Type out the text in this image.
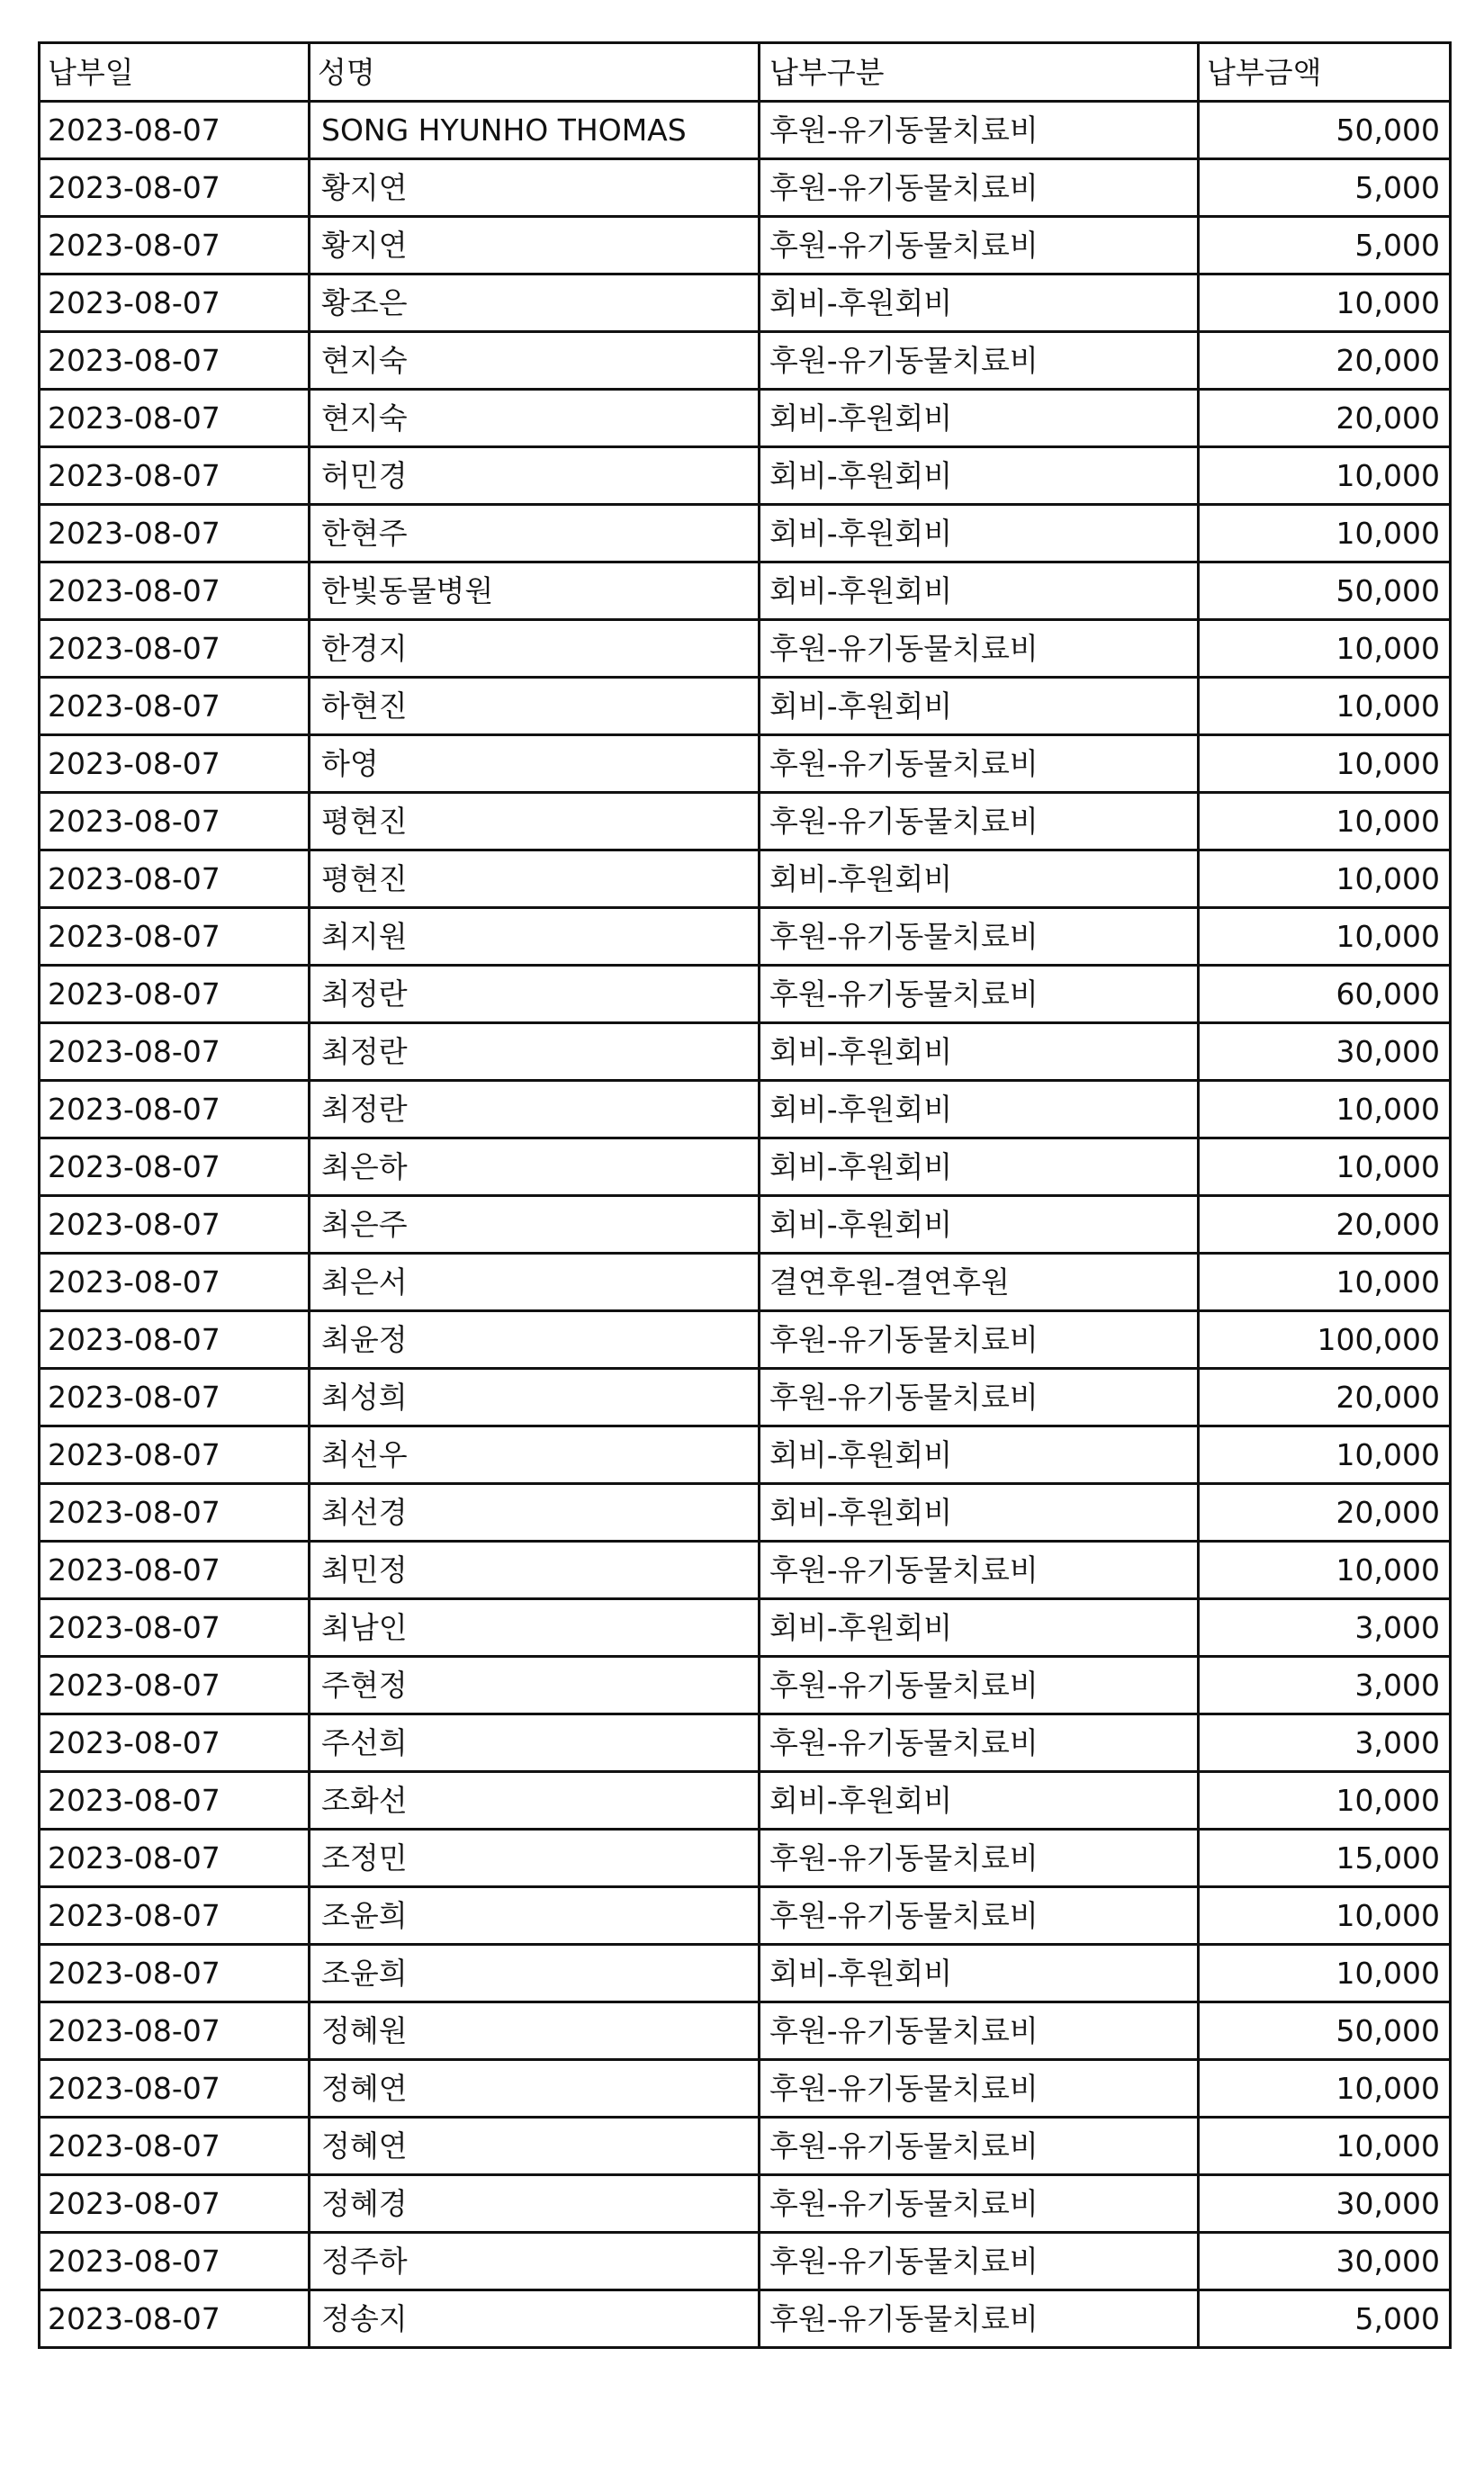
납부일	성명	납부구분	납부금액
2023-08-07	SONG HYUNHO THOMAS	후원-유기동물치료비	50,000
2023-08-07	황지연	후원-유기동물치료비	5,000
2023-08-07	황지연	후원-유기동물치료비	5,000
2023-08-07	황조은	회비-후원회비	10,000
2023-08-07	현지숙	후원-유기동물치료비	20,000
2023-08-07	현지숙	회비-후원회비	20,000
2023-08-07	허민경	회비-후원회비	10,000
2023-08-07	한현주	회비-후원회비	10,000
2023-08-07	한빛동물병원	회비-후원회비	50,000
2023-08-07	한경지	후원-유기동물치료비	10,000
2023-08-07	하현진	회비-후원회비	10,000
2023-08-07	하영	후원-유기동물치료비	10,000
2023-08-07	평현진	후원-유기동물치료비	10,000
2023-08-07	평현진	회비-후원회비	10,000
2023-08-07	최지원	후원-유기동물치료비	10,000
2023-08-07	최정란	후원-유기동물치료비	60,000
2023-08-07	최정란	회비-후원회비	30,000
2023-08-07	최정란	회비-후원회비	10,000
2023-08-07	최은하	회비-후원회비	10,000
2023-08-07	최은주	회비-후원회비	20,000
2023-08-07	최은서	결연후원-결연후원	10,000
2023-08-07	최윤정	후원-유기동물치료비	100,000
2023-08-07	최성희	후원-유기동물치료비	20,000
2023-08-07	최선우	회비-후원회비	10,000
2023-08-07	최선경	회비-후원회비	20,000
2023-08-07	최민정	후원-유기동물치료비	10,000
2023-08-07	최남인	회비-후원회비	3,000
2023-08-07	주현정	후원-유기동물치료비	3,000
2023-08-07	주선희	후원-유기동물치료비	3,000
2023-08-07	조화선	회비-후원회비	10,000
2023-08-07	조정민	후원-유기동물치료비	15,000
2023-08-07	조윤희	후원-유기동물치료비	10,000
2023-08-07	조윤희	회비-후원회비	10,000
2023-08-07	정혜원	후원-유기동물치료비	50,000
2023-08-07	정혜연	후원-유기동물치료비	10,000
2023-08-07	정혜연	후원-유기동물치료비	10,000
2023-08-07	정혜경	후원-유기동물치료비	30,000
2023-08-07	정주하	후원-유기동물치료비	30,000
2023-08-07	정송지	후원-유기동물치료비	5,000
